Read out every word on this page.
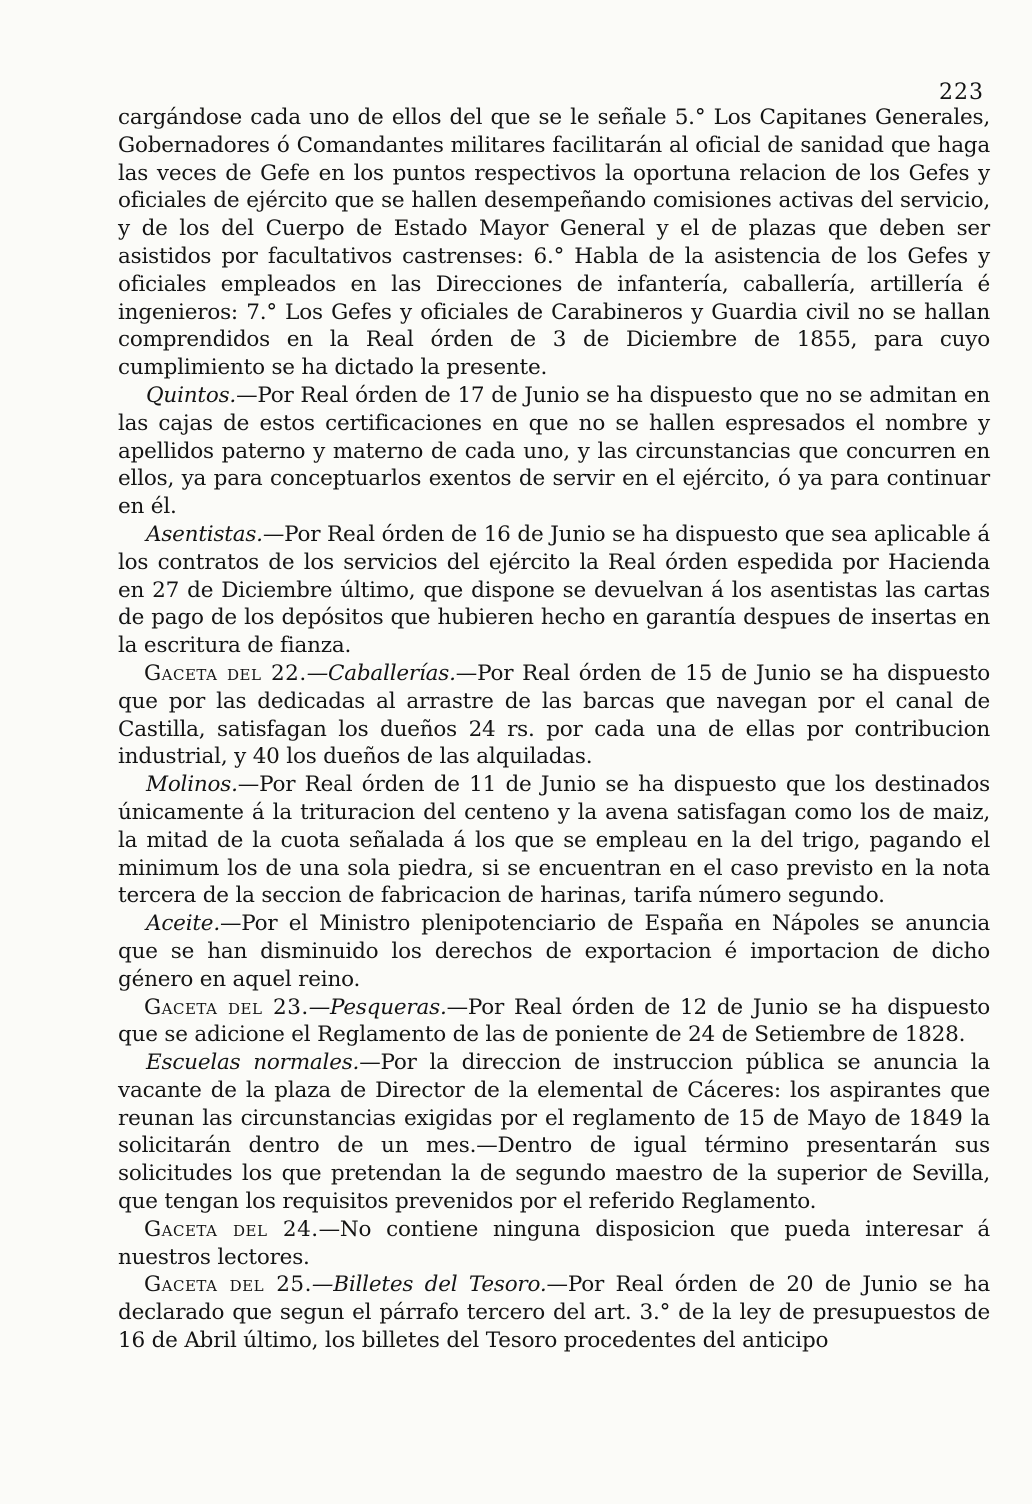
223

cargándose cada uno de ellos del que se le señale 5.° Los Capitanes Generales, Gobernadores ó Comandantes militares facilitarán al oficial de sanidad que haga las veces de Gefe en los puntos respectivos la oportuna relacion de los Gefes y oficiales de ejército que se hallen desempeñando comisiones activas del servicio, y de los del Cuerpo de Estado Mayor General y el de plazas que deben ser asistidos por facultativos castrenses: 6.° Habla de la asistencia de los Gefes y oficiales empleados en las Direcciones de infantería, caballería, artillería é ingenieros: 7.° Los Gefes y oficiales de Carabineros y Guardia civil no se hallan comprendidos en la Real órden de 3 de Diciembre de 1855, para cuyo cumplimiento se ha dictado la presente.

Quintos.—Por Real órden de 17 de Junio se ha dispuesto que no se admitan en las cajas de estos certificaciones en que no se hallen espresados el nombre y apellidos paterno y materno de cada uno, y las circunstancias que concurren en ellos, ya para conceptuarlos exentos de servir en el ejército, ó ya para continuar en él.

Asentistas.—Por Real órden de 16 de Junio se ha dispuesto que sea aplicable á los contratos de los servicios del ejército la Real órden espedida por Hacienda en 27 de Diciembre último, que dispone se devuelvan á los asentistas las cartas de pago de los depósitos que hubieren hecho en garantía despues de insertas en la escritura de fianza.

Gaceta del 22.—Caballerías.—Por Real órden de 15 de Junio se ha dispuesto que por las dedicadas al arrastre de las barcas que navegan por el canal de Castilla, satisfagan los dueños 24 rs. por cada una de ellas por contribucion industrial, y 40 los dueños de las alquiladas.

Molinos.—Por Real órden de 11 de Junio se ha dispuesto que los destinados únicamente á la trituracion del centeno y la avena satisfagan como los de maiz, la mitad de la cuota señalada á los que se empleau en la del trigo, pagando el minimum los de una sola piedra, si se encuentran en el caso previsto en la nota tercera de la seccion de fabricacion de harinas, tarifa número segundo.

Aceite.—Por el Ministro plenipotenciario de España en Nápoles se anuncia que se han disminuido los derechos de exportacion é importacion de dicho género en aquel reino.

Gaceta del 23.—Pesqueras.—Por Real órden de 12 de Junio se ha dispuesto que se adicione el Reglamento de las de poniente de 24 de Setiembre de 1828.

Escuelas normales.—Por la direccion de instruccion pública se anuncia la vacante de la plaza de Director de la elemental de Cáceres: los aspirantes que reunan las circunstancias exigidas por el reglamento de 15 de Mayo de 1849 la solicitarán dentro de un mes.—Dentro de igual término presentarán sus solicitudes los que pretendan la de segundo maestro de la superior de Sevilla, que tengan los requisitos prevenidos por el referido Reglamento.

Gaceta del 24.—No contiene ninguna disposicion que pueda interesar á nuestros lectores.

Gaceta del 25.—Billetes del Tesoro.—Por Real órden de 20 de Junio se ha declarado que segun el párrafo tercero del art. 3.° de la ley de presupuestos de 16 de Abril último, los billetes del Tesoro procedentes del anticipo
